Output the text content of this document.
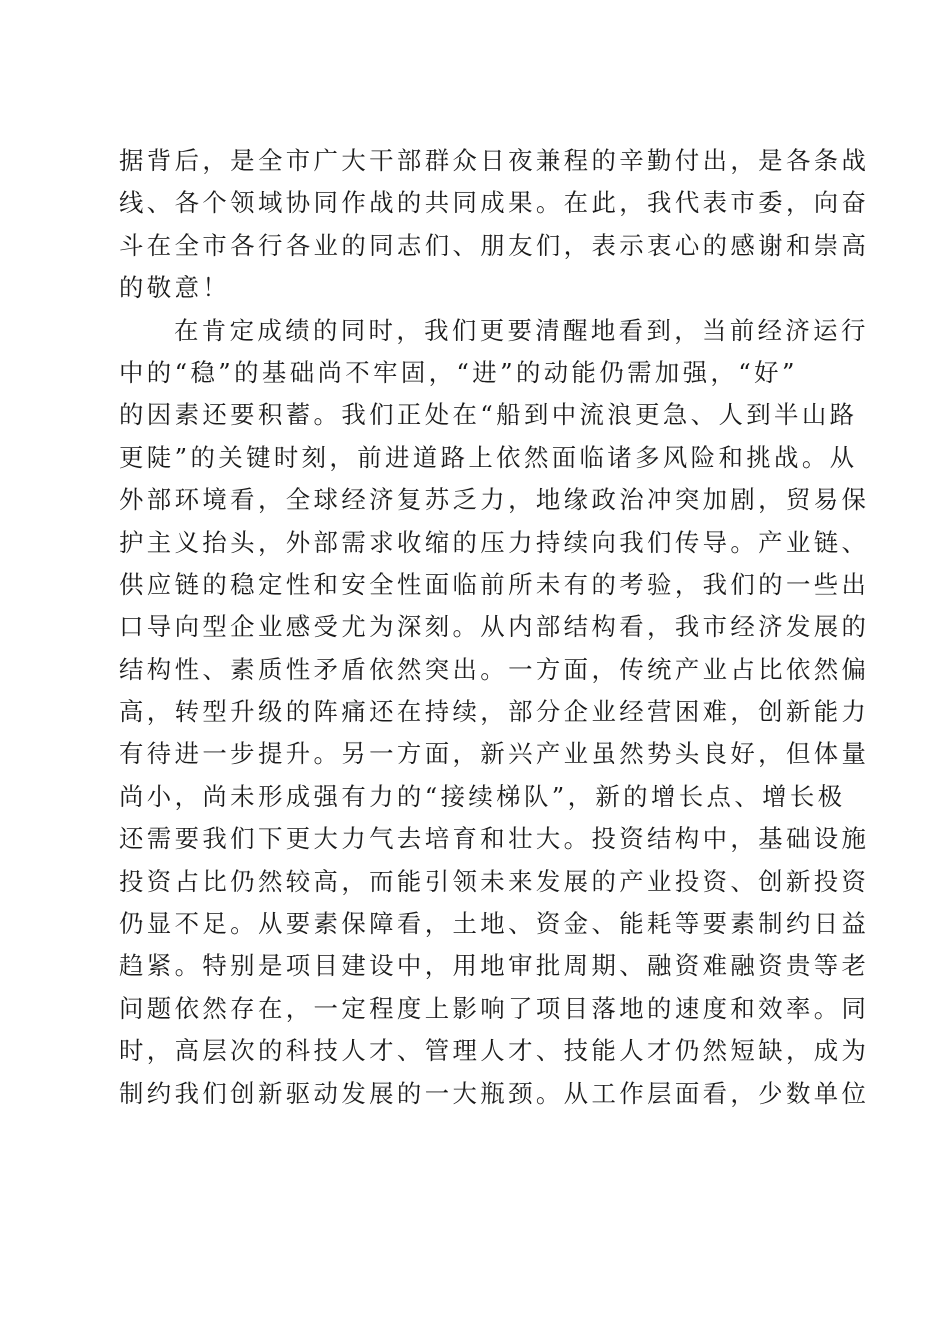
据背后，是全市广大干部群众日夜兼程的辛勤付出，是各条战
线、各个领域协同作战的共同成果。在此，我代表市委，向奋
斗在全市各行各业的同志们、朋友们，表示衷心的感谢和崇高
的敬意！
在肯定成绩的同时，我们更要清醒地看到，当前经济运行
中的“稳”的基础尚不牢固，“进”的动能仍需加强，“好”
的因素还要积蓄。我们正处在“船到中流浪更急、人到半山路
更陡”的关键时刻，前进道路上依然面临诸多风险和挑战。从
外部环境看，全球经济复苏乏力，地缘政治冲突加剧，贸易保
护主义抬头，外部需求收缩的压力持续向我们传导。产业链、
供应链的稳定性和安全性面临前所未有的考验，我们的一些出
口导向型企业感受尤为深刻。从内部结构看，我市经济发展的
结构性、素质性矛盾依然突出。一方面，传统产业占比依然偏
高，转型升级的阵痛还在持续，部分企业经营困难，创新能力
有待进一步提升。另一方面，新兴产业虽然势头良好，但体量
尚小，尚未形成强有力的“接续梯队”，新的增长点、增长极
还需要我们下更大力气去培育和壮大。投资结构中，基础设施
投资占比仍然较高，而能引领未来发展的产业投资、创新投资
仍显不足。从要素保障看，土地、资金、能耗等要素制约日益
趋紧。特别是项目建设中，用地审批周期、融资难融资贵等老
问题依然存在，一定程度上影响了项目落地的速度和效率。同
时，高层次的科技人才、管理人才、技能人才仍然短缺，成为
制约我们创新驱动发展的一大瓶颈。从工作层面看，少数单位
